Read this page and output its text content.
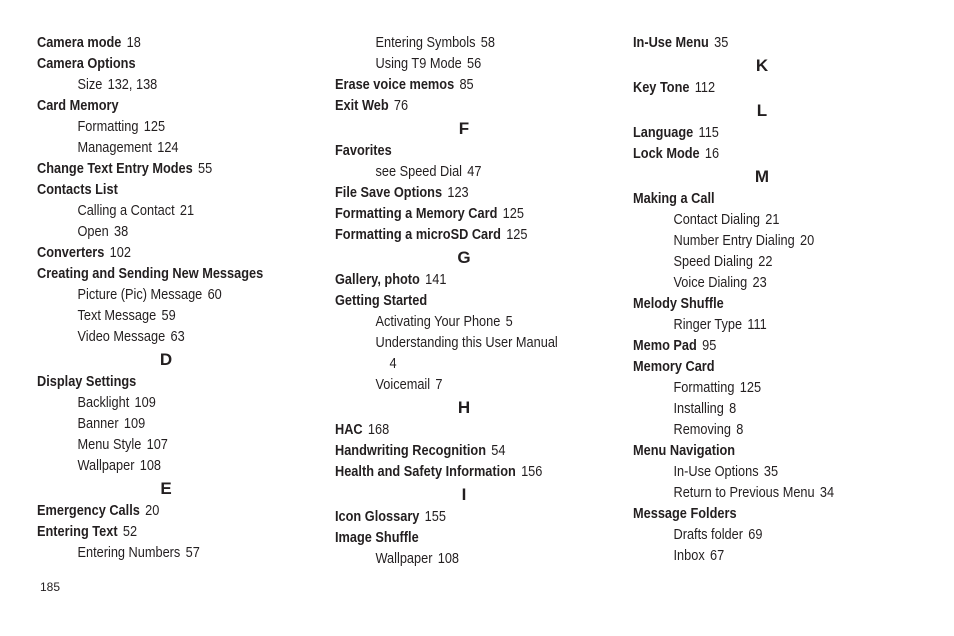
Camera mode 18
Camera Options
Size 132, 138
Card Memory
Formatting 125
Management 124
Change Text Entry Modes 55
Contacts List
Calling a Contact 21
Open 38
Converters 102
Creating and Sending New Messages
Picture (Pic) Message 60
Text Message 59
Video Message 63
D
Display Settings
Backlight 109
Banner 109
Menu Style 107
Wallpaper 108
E
Emergency Calls 20
Entering Text 52
Entering Numbers 57
Entering Symbols 58
Using T9 Mode 56
Erase voice memos 85
Exit Web 76
F
Favorites
see Speed Dial 47
File Save Options 123
Formatting a Memory Card 125
Formatting a microSD Card 125
G
Gallery, photo 141
Getting Started
Activating Your Phone 5
Understanding this User Manual
4
Voicemail 7
H
HAC 168
Handwriting Recognition 54
Health and Safety Information 156
I
Icon Glossary 155
Image Shuffle
Wallpaper 108
In-Use Menu 35
K
Key Tone 112
L
Language 115
Lock Mode 16
M
Making a Call
Contact Dialing 21
Number Entry Dialing 20
Speed Dialing 22
Voice Dialing 23
Melody Shuffle
Ringer Type 111
Memo Pad 95
Memory Card
Formatting 125
Installing 8
Removing 8
Menu Navigation
In-Use Options 35
Return to Previous Menu 34
Message Folders
Drafts folder 69
Inbox 67
185
